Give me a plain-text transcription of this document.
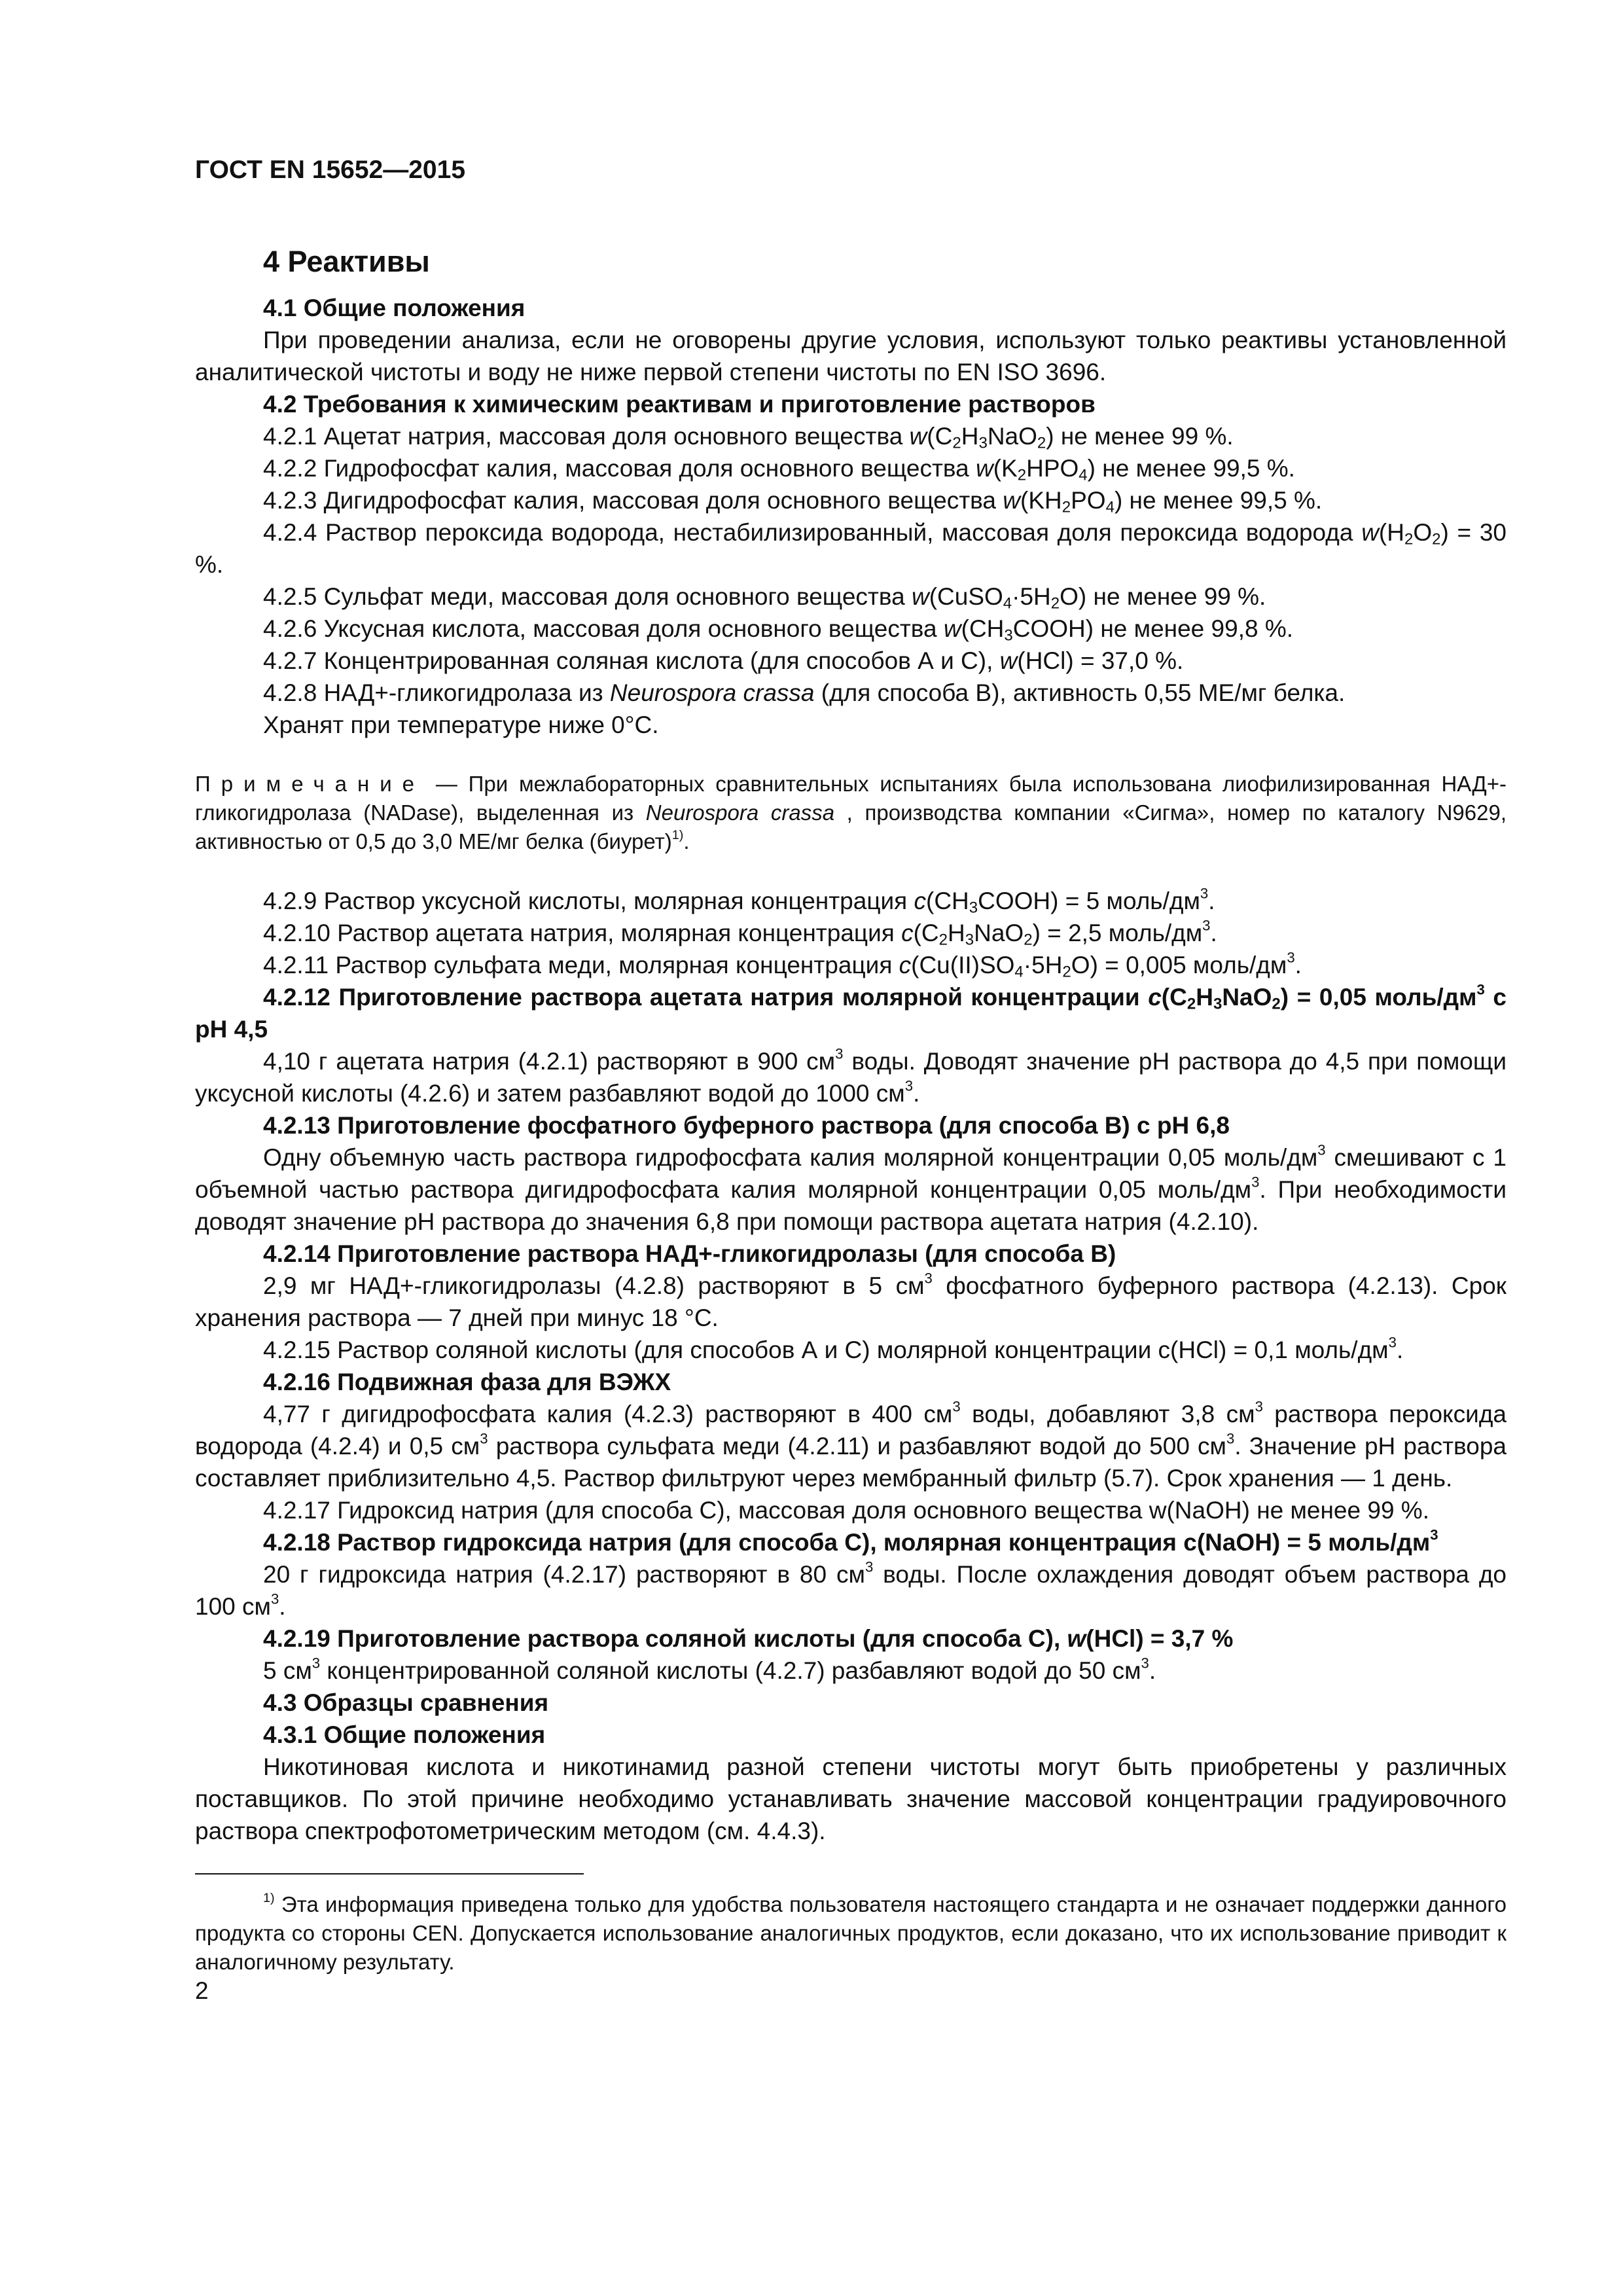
ГОСТ EN 15652—2015
4 Реактивы

4.1 Общие положения

При проведении анализа, если не оговорены другие условия, используют только реактивы установленной аналитической чистоты и воду не ниже первой степени чистоты по EN ISO 3696.

4.2 Требования к химическим реактивам и приготовление растворов

4.2.1 Ацетат натрия, массовая доля основного вещества $w(C_2H_3NaO_2)$ не менее 99 %.

4.2.2 Гидрофосфат калия, массовая доля основного вещества $w(K_2HPO_4)$ не менее 99,5 %.

4.2.3 Дигидрофосфат калия, массовая доля основного вещества $w(KH_2PO_4)$ не менее 99,5 %.

4.2.4 Раствор пероксида водорода, нестабилизированный, массовая доля пероксида водорода $w(H_2O_2) = 30$ %.

4.2.5 Сульфат меди, массовая доля основного вещества $w(CuSO_4\cdot 5H_2O)$ не менее 99 %.

4.2.6 Уксусная кислота, массовая доля основного вещества $w(CH_3COOH)$ не менее 99,8 %.

4.2.7 Концентрированная соляная кислота (для способов А и С), w(HCl) = 37,0 %.

4.2.8 НАД+-гликогидролаза из Neurospora crassa (для способа В), активность 0,55 МЕ/мг белка.

Хранят при температуре ниже 0°С.

Примечание — При межлабораторных сравнительных испытаниях была использована лиофилизированная НАД+-гликогидролаза (NADase), выделенная из Neurospora crassa , производства компании «Сигма», номер по каталогу N9629, активностью от 0,5 до 3,0 МЕ/мг белка (биурет)$^{1)}$.

4.2.9 Раствор уксусной кислоты, молярная концентрация $с(CH_3COOH) = 5$ моль/$дм^3$.

4.2.10 Раствор ацетата натрия, молярная концентрация $с(C_2H_3NaO_2) = 2,5$ моль/$дм^3$.

4.2.11 Раствор сульфата меди, молярная концентрация $с(Cu(II)SO_4\cdot 5H_2O) = 0,005$ моль/$дм^3$.

4.2.12 Приготовление раствора ацетата натрия молярной концентрации $с(C_2H_3NaO_2) = 0,05$ моль/$дм^3$ с pH 4,5

4,10 г ацетата натрия (4.2.1) растворяют в 900 $см^3$ воды. Доводят значение pH раствора до 4,5 при помощи уксусной кислоты (4.2.6) и затем разбавляют водой до 1000 $см^3$.

4.2.13 Приготовление фосфатного буферного раствора (для способа В) с pH 6,8

Одну объемную часть раствора гидрофосфата калия молярной концентрации 0,05 моль/$дм^3$ смешивают с 1 объемной частью раствора дигидрофосфата калия молярной концентрации 0,05 моль/$дм^3$. При необходимости доводят значение pH раствора до значения 6,8 при помощи раствора ацетата натрия (4.2.10).

4.2.14 Приготовление раствора НАД+-гликогидролазы (для способа В)

2,9 мг НАД+-гликогидролазы (4.2.8) растворяют в 5 $см^3$ фосфатного буферного раствора (4.2.13). Срок хранения раствора — 7 дней при минус 18 °С.

4.2.15 Раствор соляной кислоты (для способов А и С) молярной концентрации с(HCl) = 0,1 моль/$дм^3$.

4.2.16 Подвижная фаза для ВЭЖХ

4,77 г дигидрофосфата калия (4.2.3) растворяют в 400 $см^3$ воды, добавляют 3,8 $см^3$ раствора пероксида водорода (4.2.4) и 0,5 $см^3$ раствора сульфата меди (4.2.11) и разбавляют водой до 500 $см^3$. Значение pH раствора составляет приблизительно 4,5. Раствор фильтруют через мембранный фильтр (5.7). Срок хранения — 1 день.

4.2.17 Гидроксид натрия (для способа С), массовая доля основного вещества w(NaOH) не менее 99 %.

4.2.18 Раствор гидроксида натрия (для способа С), молярная концентрация с(NaOH) = 5 моль/$дм^3$

20 г гидроксида натрия (4.2.17) растворяют в 80 $см^3$ воды. После охлаждения доводят объем раствора до 100 $см^3$.

4.2.19 Приготовление раствора соляной кислоты (для способа С), w(HCl) = 3,7 %

5 $см^3$ концентрированной соляной кислоты (4.2.7) разбавляют водой до 50 $см^3$.

4.3 Образцы сравнения

4.3.1 Общие положения

Никотиновая кислота и никотинамид разной степени чистоты могут быть приобретены у различных поставщиков. По этой причине необходимо устанавливать значение массовой концентрации градуировочного раствора спектрофотометрическим методом (см. 4.4.3).

$^{1)}$ Эта информация приведена только для удобства пользователя настоящего стандарта и не означает поддержки данного продукта со стороны CEN. Допускается использование аналогичных продуктов, если доказано, что их использование приводит к аналогичному результату.
2
